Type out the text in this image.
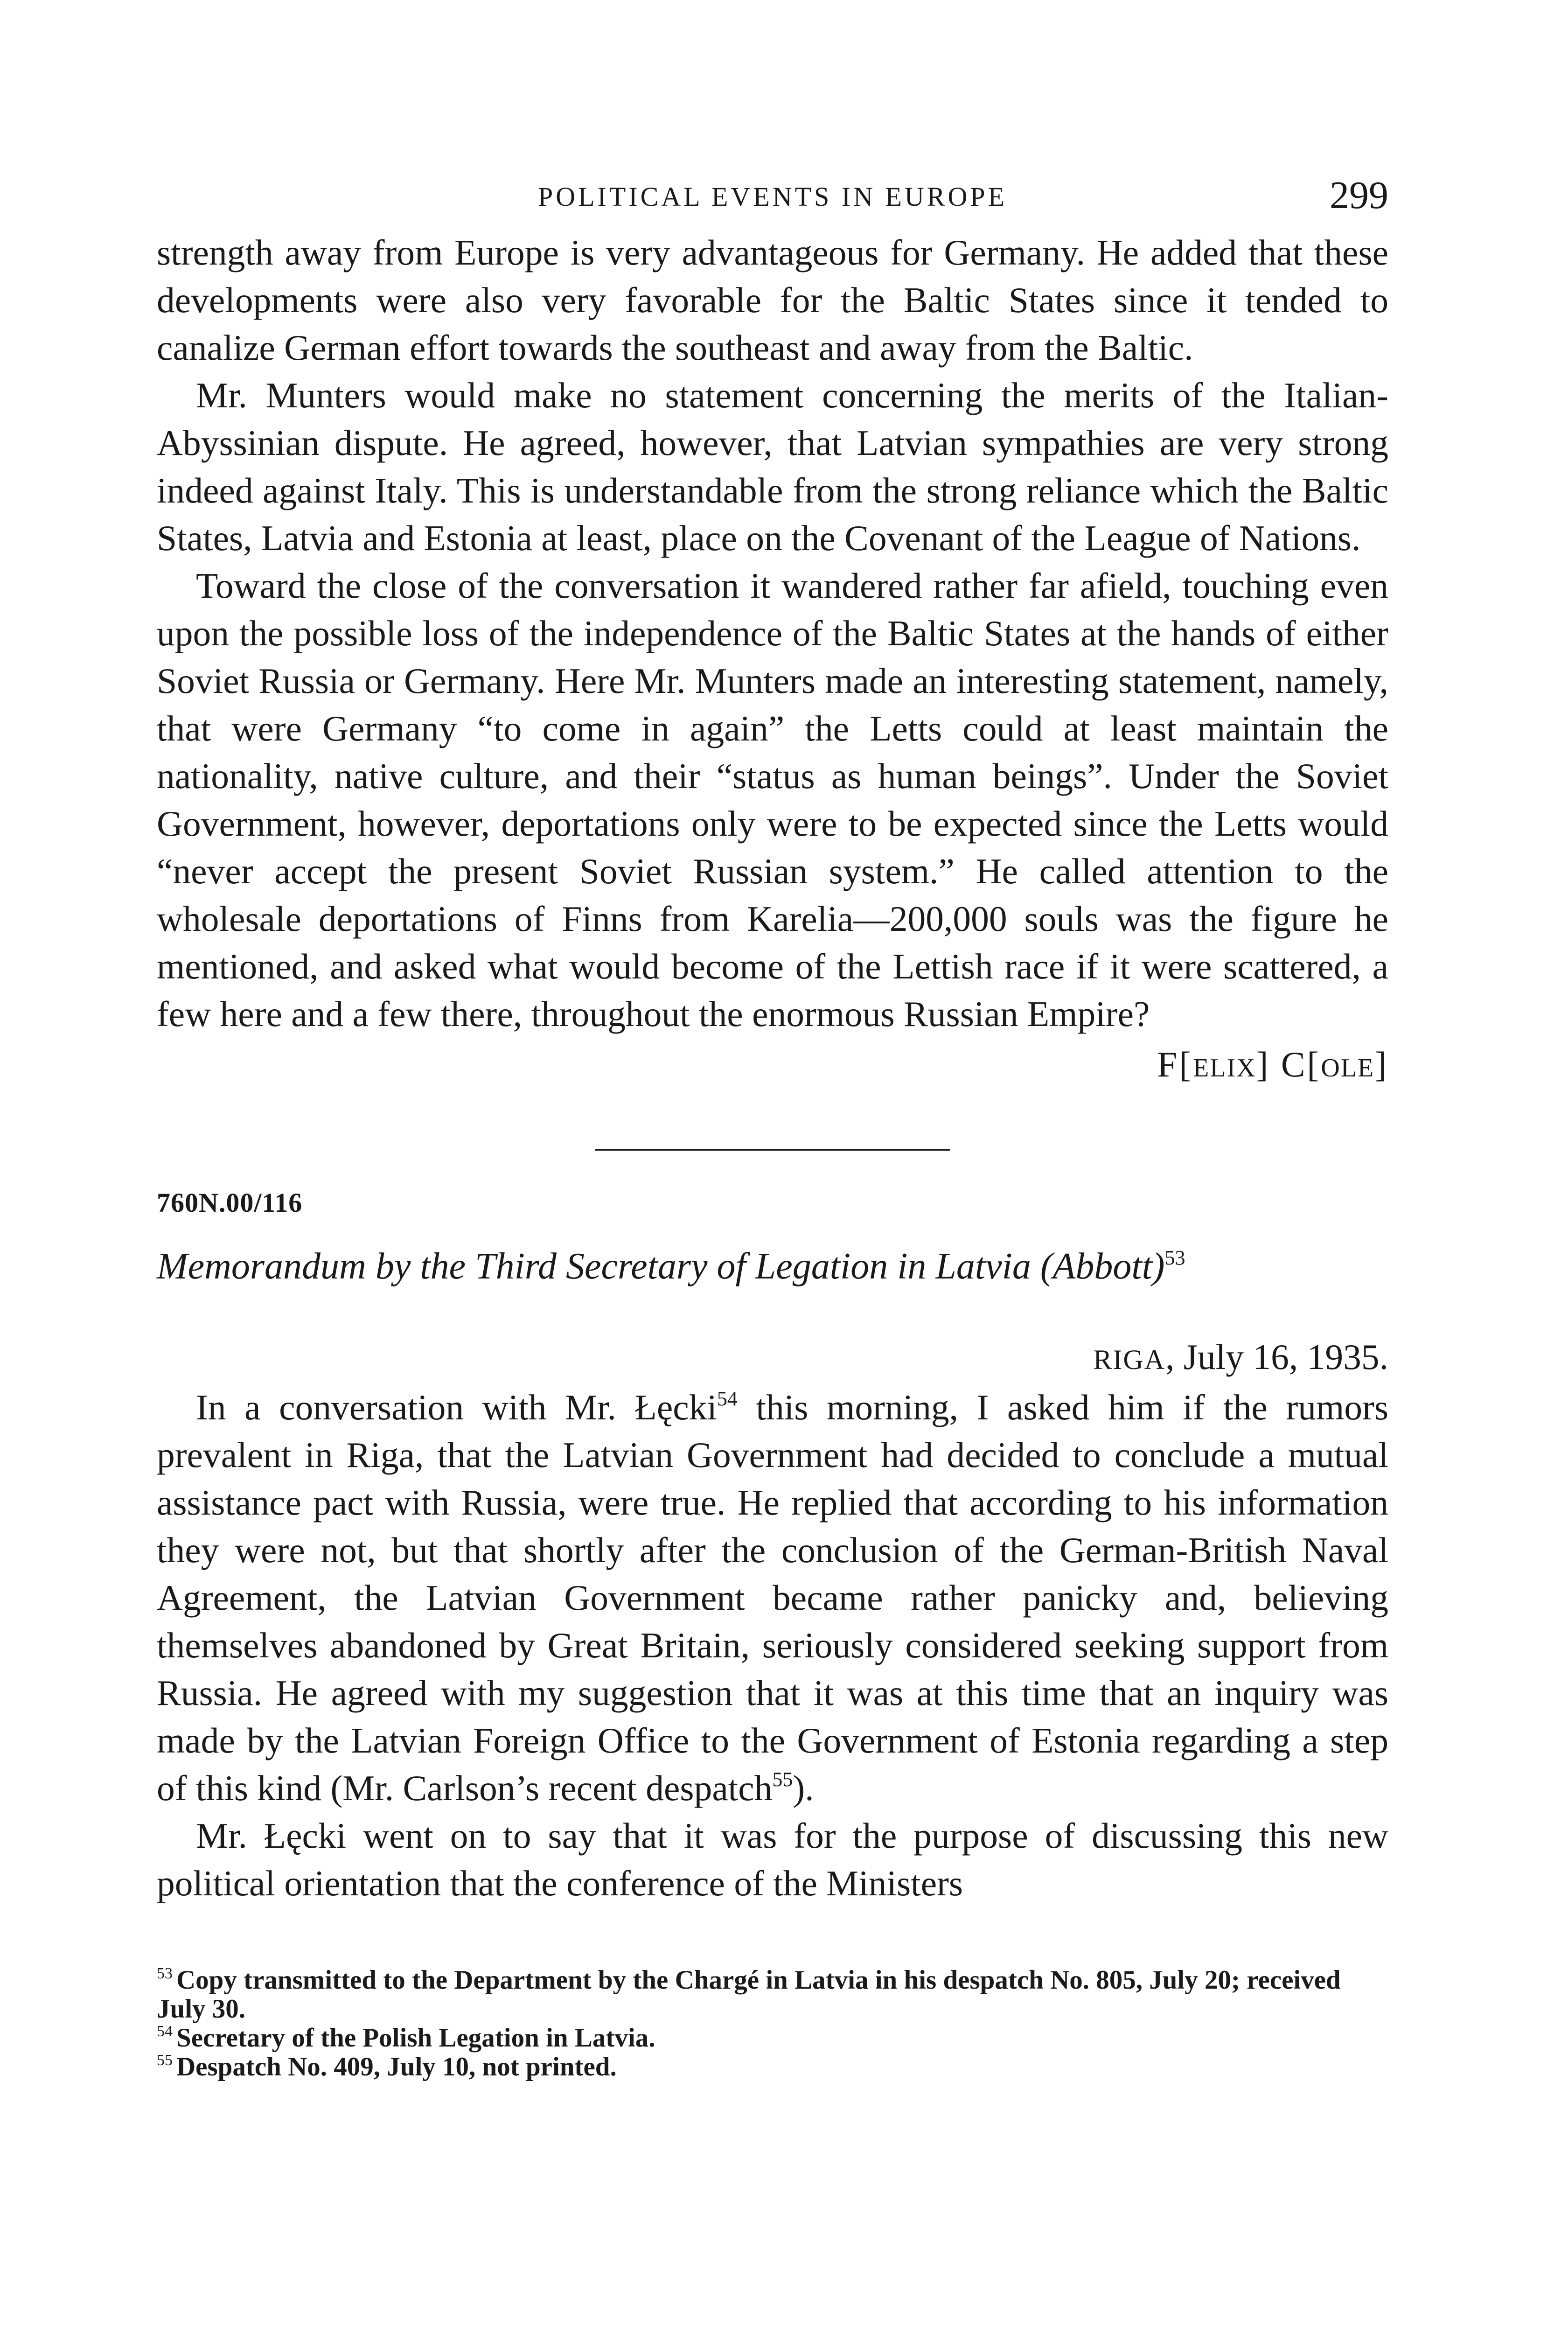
POLITICAL EVENTS IN EUROPE	299

strength away from Europe is very advantageous for Germany. He added that these developments were also very favorable for the Baltic States since it tended to canalize German effort towards the southeast and away from the Baltic.

Mr. Munters would make no statement concerning the merits of the Italian-Abyssinian dispute. He agreed, however, that Latvian sympathies are very strong indeed against Italy. This is understandable from the strong reliance which the Baltic States, Latvia and Estonia at least, place on the Covenant of the League of Nations.

Toward the close of the conversation it wandered rather far afield, touching even upon the possible loss of the independence of the Baltic States at the hands of either Soviet Russia or Germany. Here Mr. Munters made an interesting statement, namely, that were Germany “to come in again” the Letts could at least maintain the nationality, native culture, and their “status as human beings”. Under the Soviet Government, however, deportations only were to be expected since the Letts would “never accept the present Soviet Russian system.” He called attention to the wholesale deportations of Finns from Karelia—200,000 souls was the figure he mentioned, and asked what would become of the Lettish race if it were scattered, a few here and a few there, throughout the enormous Russian Empire?

F[ELIX] C[OLE]
760N.00/116
Memorandum by the Third Secretary of Legation in Latvia (Abbott)$^{53}$
RIGA, July 16, 1935.

In a conversation with Mr. Łęcki$^{54}$ this morning, I asked him if the rumors prevalent in Riga, that the Latvian Government had decided to conclude a mutual assistance pact with Russia, were true. He replied that according to his information they were not, but that shortly after the conclusion of the German-British Naval Agreement, the Latvian Government became rather panicky and, believing themselves abandoned by Great Britain, seriously considered seeking support from Russia. He agreed with my suggestion that it was at this time that an inquiry was made by the Latvian Foreign Office to the Government of Estonia regarding a step of this kind (Mr. Carlson’s recent despatch$^{55}$).

Mr. Łęcki went on to say that it was for the purpose of discussing this new political orientation that the conference of the Ministers

$^{53}$ Copy transmitted to the Department by the Chargé in Latvia in his despatch No. 805, July 20; received July 30.

$^{54}$ Secretary of the Polish Legation in Latvia.

$^{55}$ Despatch No. 409, July 10, not printed.
